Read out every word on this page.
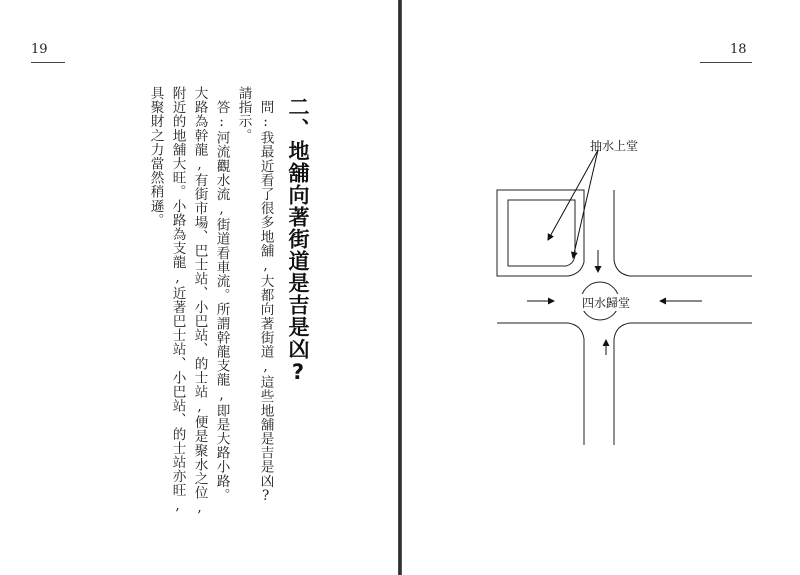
19
二、地舖向著街道是吉是凶?
問:我最近看了很多地舖,大都向著街道,這些地舖是吉是凶?
請指示。
答:河流觀水流,街道看車流。所謂幹龍支龍,即是大路小路。
大路為幹龍,有街市場、巴士站、小巴站、的士站,便是聚水之位,
附近的地舖大旺。小路為支龍,近著巴士站、小巴站、的士站亦旺,
具聚財之力當然稍遜。
18
抽水上堂
四水歸堂
